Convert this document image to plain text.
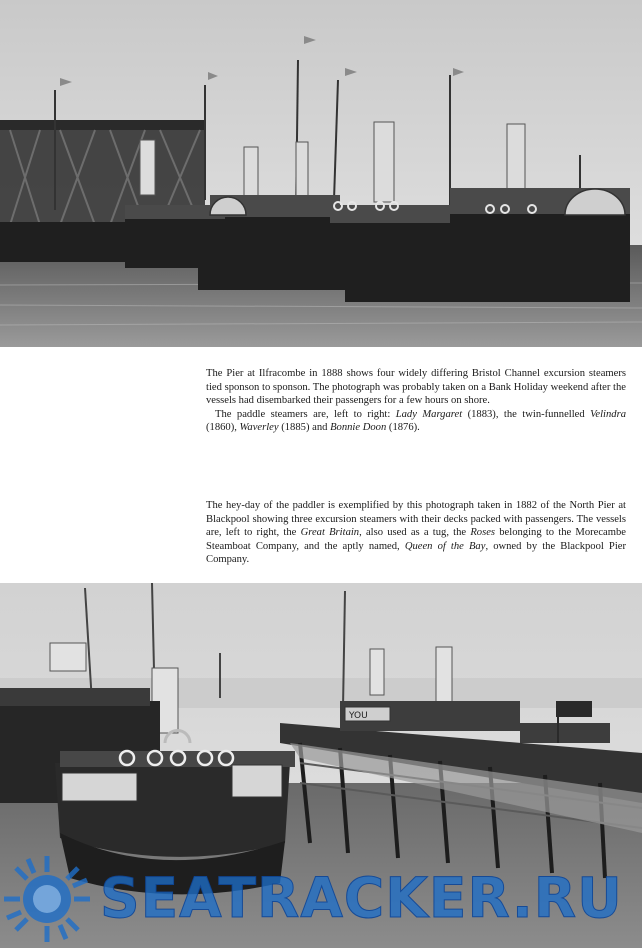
The Pier at Ilfracombe in 1888 shows four widely differing Bristol Channel excursion steamers tied sponson to sponson. The photograph was probably taken on a Bank Holiday weekend after the vessels had disembarked their passengers for a few hours on shore.

The paddle steamers are, left to right: Lady Margaret (1883), the twin-funnelled Velindra (1860), Waverley (1885) and Bonnie Doon (1876).

The hey-day of the paddler is exemplified by this photograph taken in 1882 of the North Pier at Blackpool showing three excursion steamers with their decks packed with passengers. The vessels are, left to right, the Great Britain, also used as a tug, the Roses belonging to the Morecambe Steamboat Company, and the aptly named, Queen of the Bay, owned by the Blackpool Pier Company.

YOU
SEATRACKER.RU
